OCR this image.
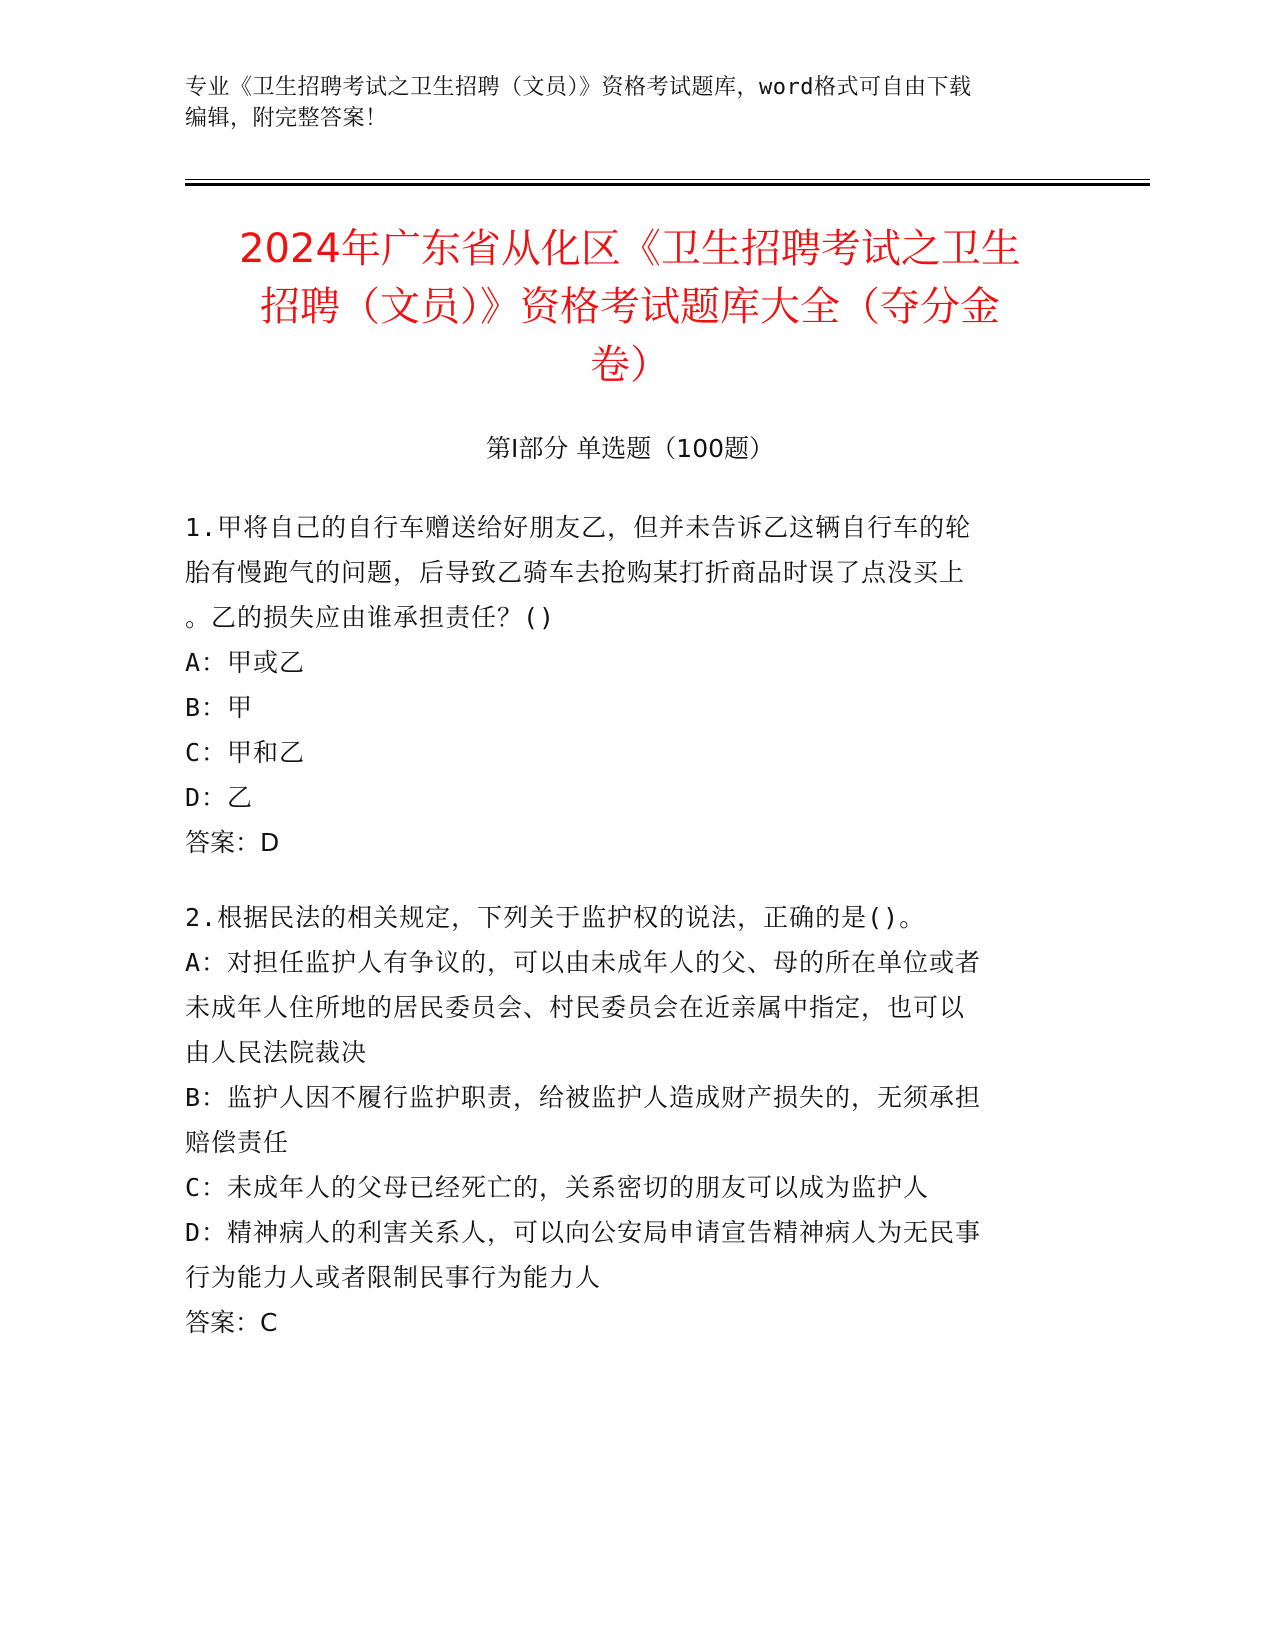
专业《卫生招聘考试之卫生招聘（文员）》资格考试题库，word格式可自由下载
编辑，附完整答案！
2024年广东省从化区《卫生招聘考试之卫生
招聘（文员）》资格考试题库大全（夺分金
卷）
第Ⅰ部分 单选题（100题）

1.甲将自己的自行车赠送给好朋友乙，但并未告诉乙这辆自行车的轮

胎有慢跑气的问题，后导致乙骑车去抢购某打折商品时误了点没买上

。乙的损失应由谁承担责任？()

A：甲或乙

B：甲

C：甲和乙

D：乙

答案：D

2.根据民法的相关规定，下列关于监护权的说法，正确的是()。

A：对担任监护人有争议的，可以由未成年人的父、母的所在单位或者

未成年人住所地的居民委员会、村民委员会在近亲属中指定，也可以

由人民法院裁决

B：监护人因不履行监护职责，给被监护人造成财产损失的，无须承担

赔偿责任

C：未成年人的父母已经死亡的，关系密切的朋友可以成为监护人

D：精神病人的利害关系人，可以向公安局申请宣告精神病人为无民事

行为能力人或者限制民事行为能力人

答案：C
